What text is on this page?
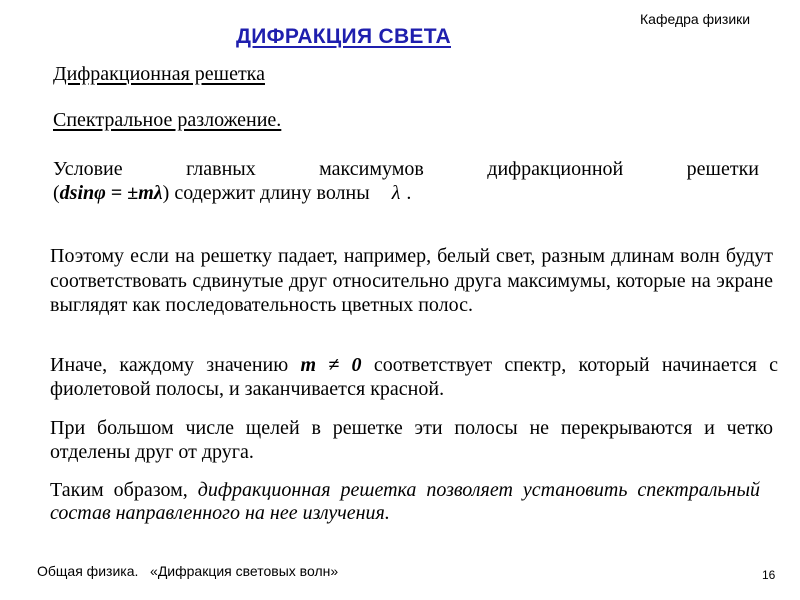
Кафедра физики
ДИФРАКЦИЯ СВЕТА
Дифракционная решетка
Спектральное разложение.
Условие главных максимумов дифракционной решетки
(dsinφ = ±mλ) содержит длину волны λ .
Поэтому если на решетку падает, например, белый свет, разным длинам волн будут соответствовать сдвинутые друг относительно друга максимумы, которые на экране выглядят как последовательность цветных полос.
Иначе, каждому значению m ≠ 0 соответствует спектр, который начинается с фиолетовой полосы, и заканчивается красной.
При большом числе щелей в решетке эти полосы не перекрываются и четко отделены друг от друга.
Таким образом, дифракционная решетка позволяет установить спектральный состав направленного на нее излучения.
Общая физика.   «Дифракция световых волн»	16
